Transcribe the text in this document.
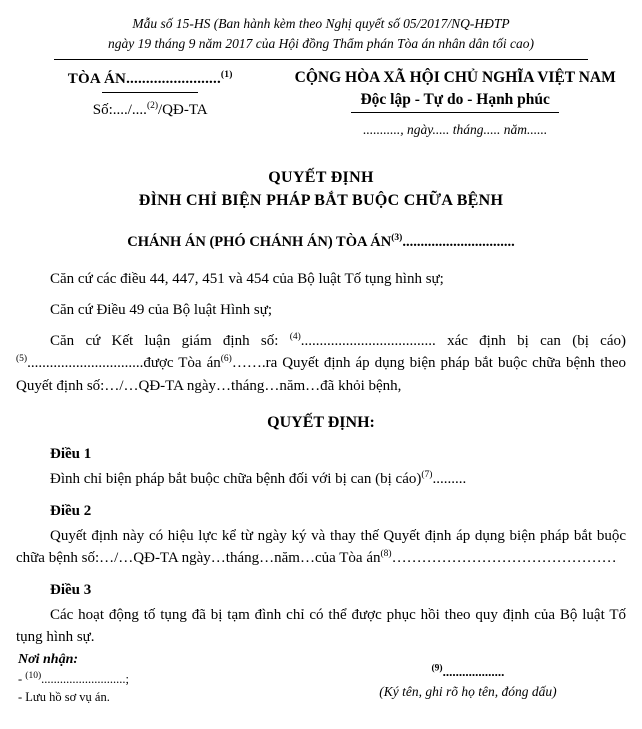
Mẫu số 15-HS (Ban hành kèm theo Nghị quyết số 05/2017/NQ-HĐTP
ngày 19 tháng 9 năm 2017 của Hội đồng Thẩm phán Tòa án nhân dân tối cao)
TÒA ÁN........................$^{(1)}$
Số:..../....$^{(2)}$/QĐ-TA
CỘNG HÒA XÃ HỘI CHỦ NGHĨA VIỆT NAM
Độc lập - Tự do - Hạnh phúc
..........., ngày..... tháng..... năm......
QUYẾT ĐỊNH
ĐÌNH CHỈ BIỆN PHÁP BẮT BUỘC CHỮA BỆNH
CHÁNH ÁN (PHÓ CHÁNH ÁN) TÒA ÁN$^{(3)}$...............................

Căn cứ các điều 44, 447, 451 và 454 của Bộ luật Tố tụng hình sự;

Căn cứ Điều 49 của Bộ luật Hình sự;

Căn cứ Kết luận giám định số: $^{(4)}$.................................... xác định bị can (bị cáo)$^{(5)}$...............................được Tòa án$^{(6)}$…….ra Quyết định áp dụng biện pháp bắt buộc chữa bệnh theo Quyết định số:…/…QĐ-TA ngày…tháng…năm…đã khỏi bệnh,

QUYẾT ĐỊNH:
Điều 1

Đình chỉ biện pháp bắt buộc chữa bệnh đối với bị can (bị cáo)$^{(7)}$.........

Điều 2

Quyết định này có hiệu lực kể từ ngày ký và thay thế Quyết định áp dụng biện pháp bắt buộc chữa bệnh số:…/…QĐ-TA ngày…tháng…năm…của Tòa án$^{(8)}$………………………………………

Điều 3

Các hoạt động tố tụng đã bị tạm đình chỉ có thể được phục hồi theo quy định của Bộ luật Tố tụng hình sự.

Nơi nhận:
- $^{(10)}$...........................;
- Lưu hồ sơ vụ án.
$^{(9)}$...................
(Ký tên, ghi rõ họ tên, đóng dấu)
